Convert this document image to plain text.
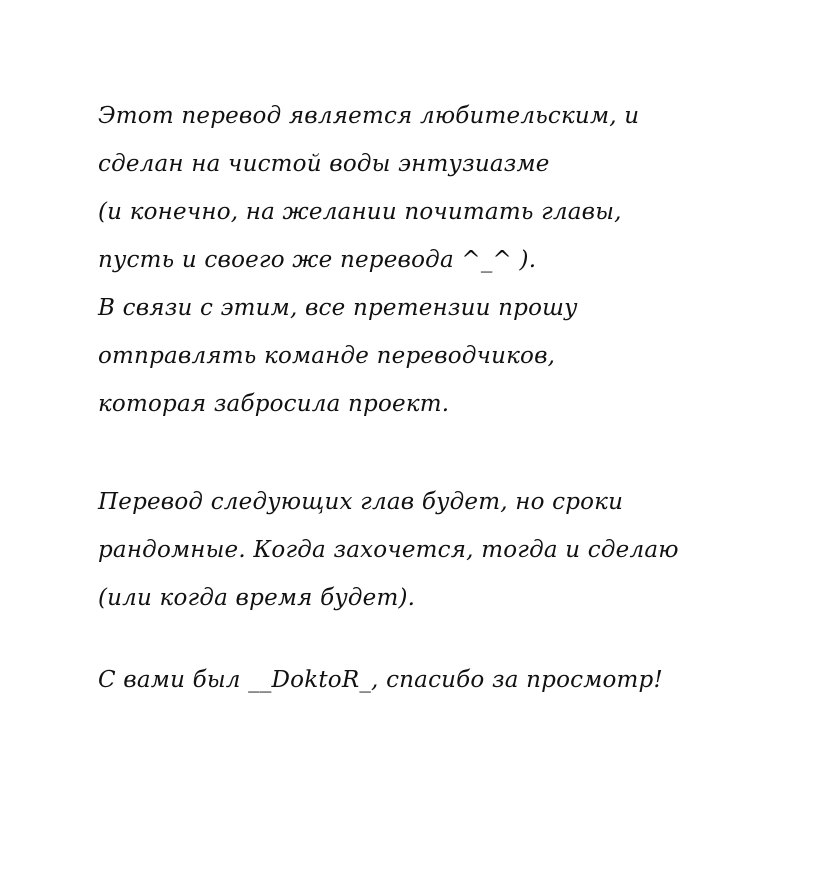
Этот перевод является любительским, и
сделан на чистой воды энтузиазме
(и конечно, на желании почитать главы,
пусть и своего же перевода ^_^ ).
В связи с этим, все претензии прошу
отправлять команде переводчиков,
которая забросила проект.
Перевод следующих глав будет, но сроки
рандомные. Когда захочется, тогда и сделаю
(или когда время будет).
С вами был __DoktoR_, спасибо за просмотр!
